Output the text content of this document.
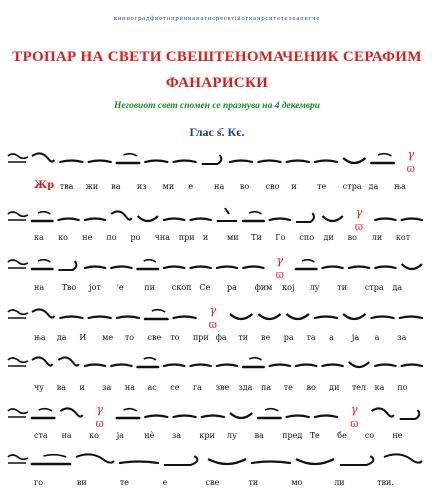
кинноградфиотнпринианатисресвтійогианрситетелеапнгче
ТРОПАР НА СВЕТИ СВЕШТЕНОМАЧЕНИК СЕРАФИМ
ФАНАРИСКИ
Неговиот свет спомен се празнува на 4 декември
Глас ѕ҃. Кє.
γ
ϖ
Жр тва жи ва из ми е	на во сво и	те стра да ња
γ
ϖ
ка ко не по ро чна при и ми Ти Го спо ди во ли кот
γ
ϖ
на Тво јот 'е	пи скоп Се ра фим кој лу ти стра да
γ
ϖ
ња да И ме то све то при фа ти ве ра та а ја а за
чу ва и за на ас се га зве зда па те во ди тел ка по
γ
ϖ
γ
ϖ
ста на ко ја	нѐ за кри лу ва пред Те бе со не
го	ви	те	е	све	ти	мо	ли	тви.
